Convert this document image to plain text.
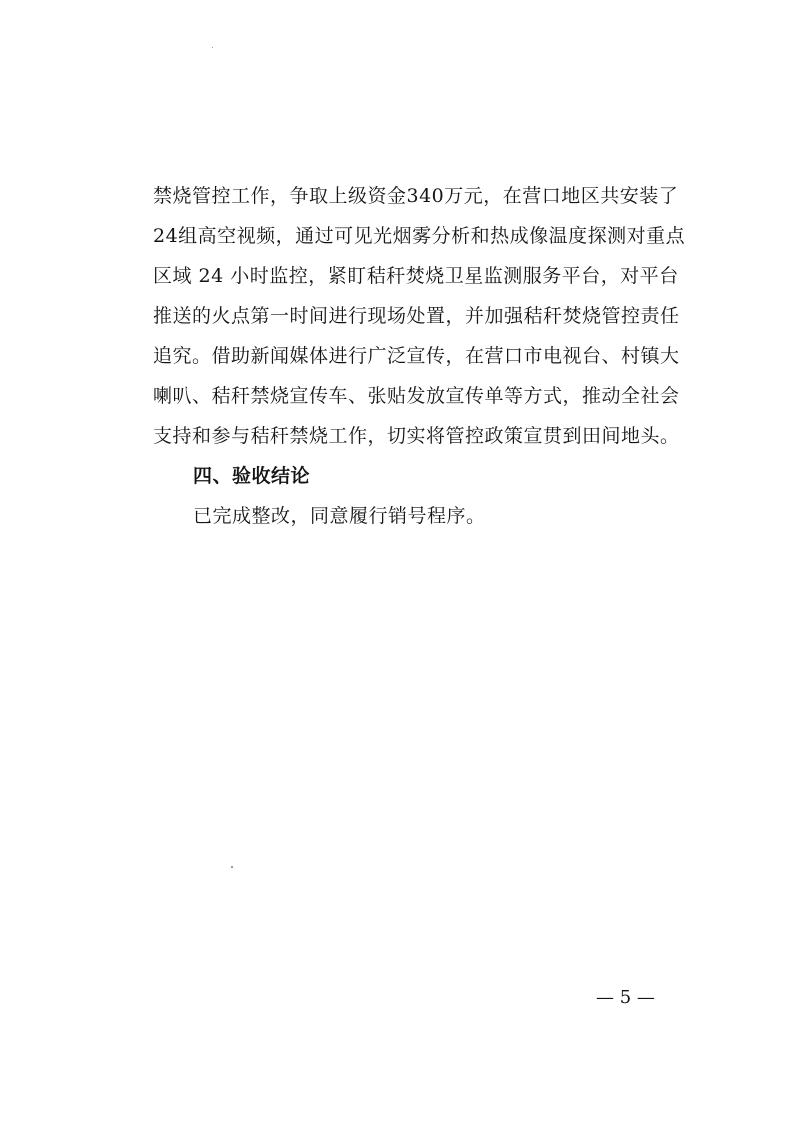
禁烧管控工作，争取上级资金340万元，在营口地区共安装了
24组高空视频，通过可见光烟雾分析和热成像温度探测对重点
区域 24 小时监控，紧盯秸秆焚烧卫星监测服务平台，对平台
推送的火点第一时间进行现场处置，并加强秸秆焚烧管控责任
追究。借助新闻媒体进行广泛宣传，在营口市电视台、村镇大
喇叭、秸秆禁烧宣传车、张贴发放宣传单等方式，推动全社会
支持和参与秸秆禁烧工作，切实将管控政策宣贯到田间地头。
四、验收结论
已完成整改，同意履行销号程序。
— 5 —
